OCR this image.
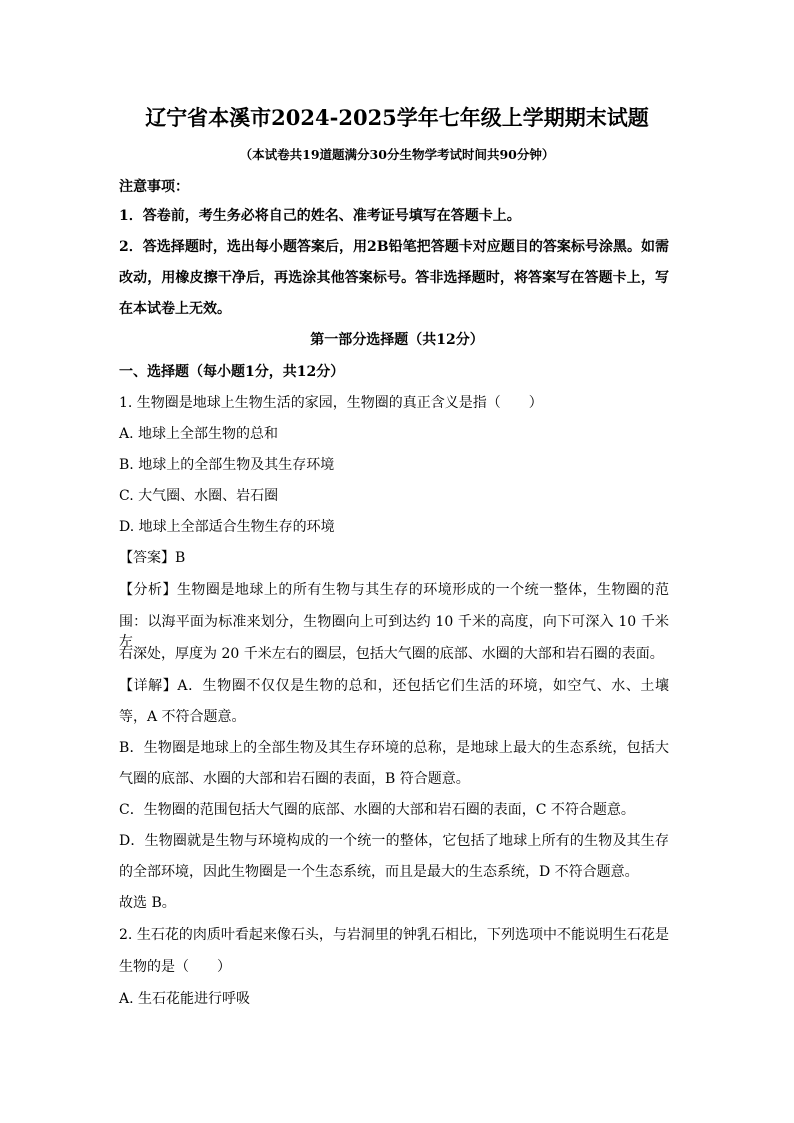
辽宁省本溪市2024-2025学年七年级上学期期末试题
（本试卷共19道题满分30分生物学考试时间共90分钟）
注意事项：
1．答卷前，考生务必将自己的姓名、准考证号填写在答题卡上。
2．答选择题时，选出每小题答案后，用2B铅笔把答题卡对应题目的答案标号涂黑。如需
改动，用橡皮擦干净后，再选涂其他答案标号。答非选择题时，将答案写在答题卡上，写
在本试卷上无效。
第一部分选择题（共12分）
一、选择题（每小题1分，共12分）
1. 生物圈是地球上生物生活的家园，生物圈的真正含义是指（　　）
A. 地球上全部生物的总和
B. 地球上的全部生物及其生存环境
C. 大气圈、水圈、岩石圈
D. 地球上全部适合生物生存的环境
【答案】B
【分析】生物圈是地球上的所有生物与其生存的环境形成的一个统一整体，生物圈的范
围：以海平面为标准来划分，生物圈向上可到达约 10 千米的高度，向下可深入 10 千米左
右深处，厚度为 20 千米左右的圈层，包括大气圈的底部、水圈的大部和岩石圈的表面。
【详解】A．生物圈不仅仅是生物的总和，还包括它们生活的环境，如空气、水、土壤
等，A 不符合题意。
B．生物圈是地球上的全部生物及其生存环境的总称，是地球上最大的生态系统，包括大
气圈的底部、水圈的大部和岩石圈的表面，B 符合题意。
C．生物圈的范围包括大气圈的底部、水圈的大部和岩石圈的表面，C 不符合题意。
D．生物圈就是生物与环境构成的一个统一的整体，它包括了地球上所有的生物及其生存
的全部环境，因此生物圈是一个生态系统，而且是最大的生态系统，D 不符合题意。
故选 B。
2. 生石花的肉质叶看起来像石头，与岩洞里的钟乳石相比，下列选项中不能说明生石花是
生物的是（　　）
A. 生石花能进行呼吸
